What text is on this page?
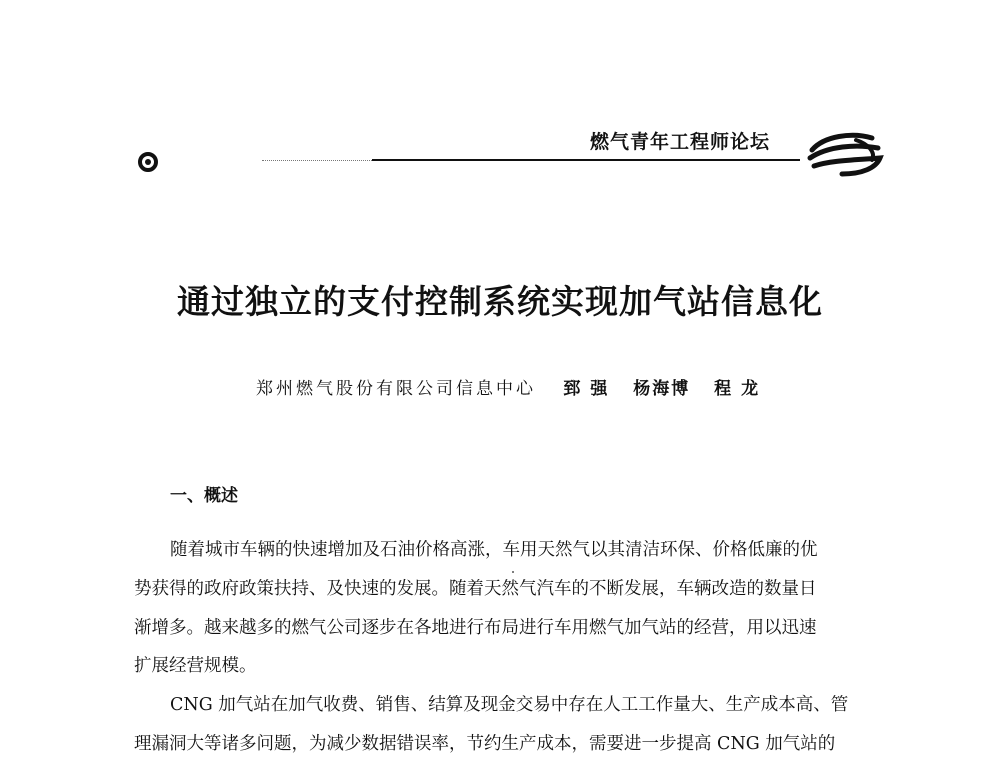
燃气青年工程师论坛
通过独立的支付控制系统实现加气站信息化
郑州燃气股份有限公司信息中心 郅 强 杨海博 程 龙
一、概述
随着城市车辆的快速增加及石油价格高涨，车用天然气以其清洁环保、价格低廉的优
势获得的政府政策扶持、及快速的发展。随着天然气汽车的不断发展，车辆改造的数量日
渐增多。越来越多的燃气公司逐步在各地进行布局进行车用燃气加气站的经营，用以迅速
扩展经营规模。
CNG 加气站在加气收费、销售、结算及现金交易中存在人工工作量大、生产成本高、管
理漏洞大等诸多问题，为减少数据错误率，节约生产成本，需要进一步提高 CNG 加气站的
